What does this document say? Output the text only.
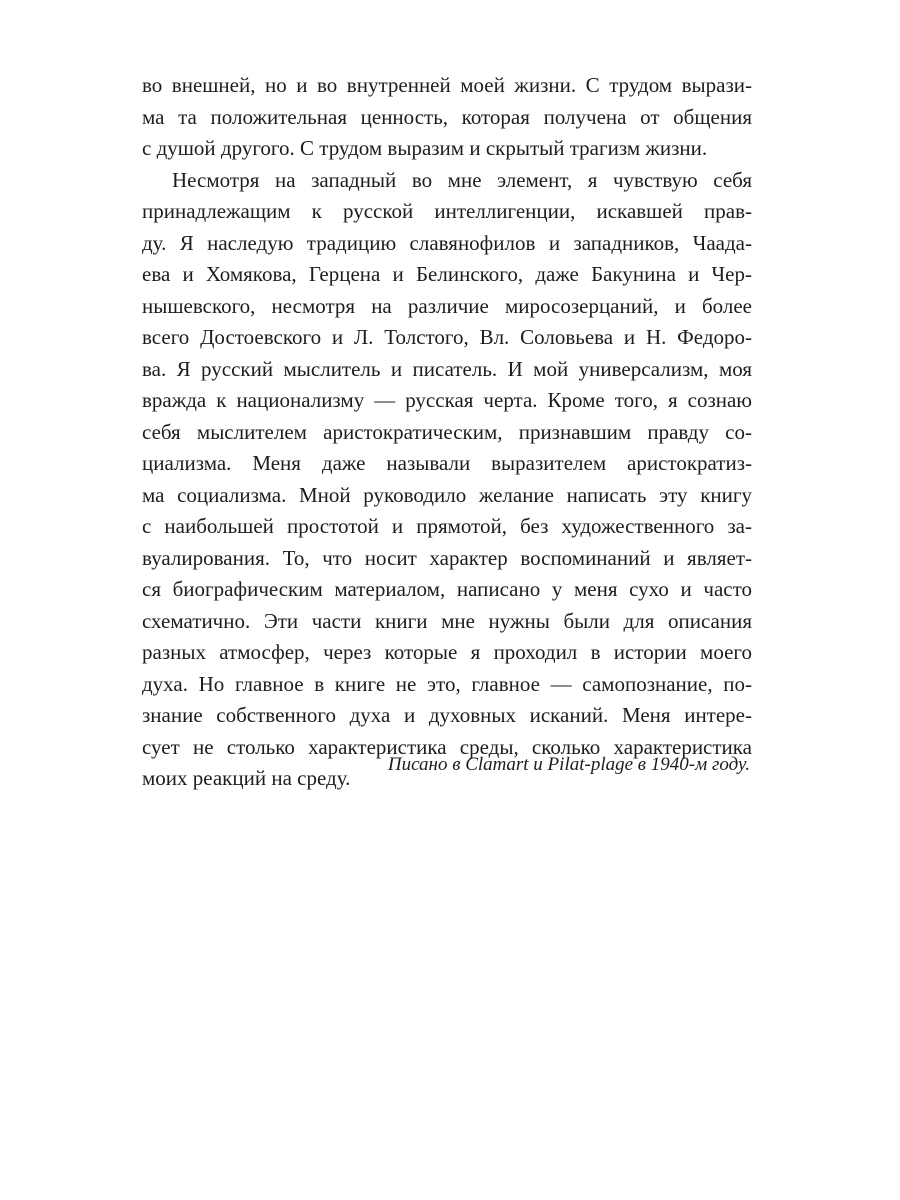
во внешней, но и во внутренней моей жизни. С трудом вырази-
ма та положительная ценность, которая получена от общения
с душой другого. С трудом выразим и скрытый трагизм жизни.
Несмотря на западный во мне элемент, я чувствую себя
принадлежащим к русской интеллигенции, искавшей прав-
ду. Я наследую традицию славянофилов и западников, Чаада-
ева и Хомякова, Герцена и Белинского, даже Бакунина и Чер-
нышевского, несмотря на различие миросозерцаний, и более
всего Достоевского и Л. Толстого, Вл. Соловьева и Н. Федоро-
ва. Я русский мыслитель и писатель. И мой универсализм, моя
вражда к национализму — русская черта. Кроме того, я сознаю
себя мыслителем аристократическим, признавшим правду со-
циализма. Меня даже называли выразителем аристократиз-
ма социализма. Мной руководило желание написать эту книгу
с наибольшей простотой и прямотой, без художественного за-
вуалирования. То, что носит характер воспоминаний и являет-
ся биографическим материалом, написано у меня сухо и часто
схематично. Эти части книги мне нужны были для описания
разных атмосфер, через которые я проходил в истории моего
духа. Но главное в книге не это, главное — самопознание, по-
знание собственного духа и духовных исканий. Меня интере-
сует не столько характеристика среды, сколько характеристика
моих реакций на среду.
Писано в Clamart и Pilat-plage в 1940-м году.
